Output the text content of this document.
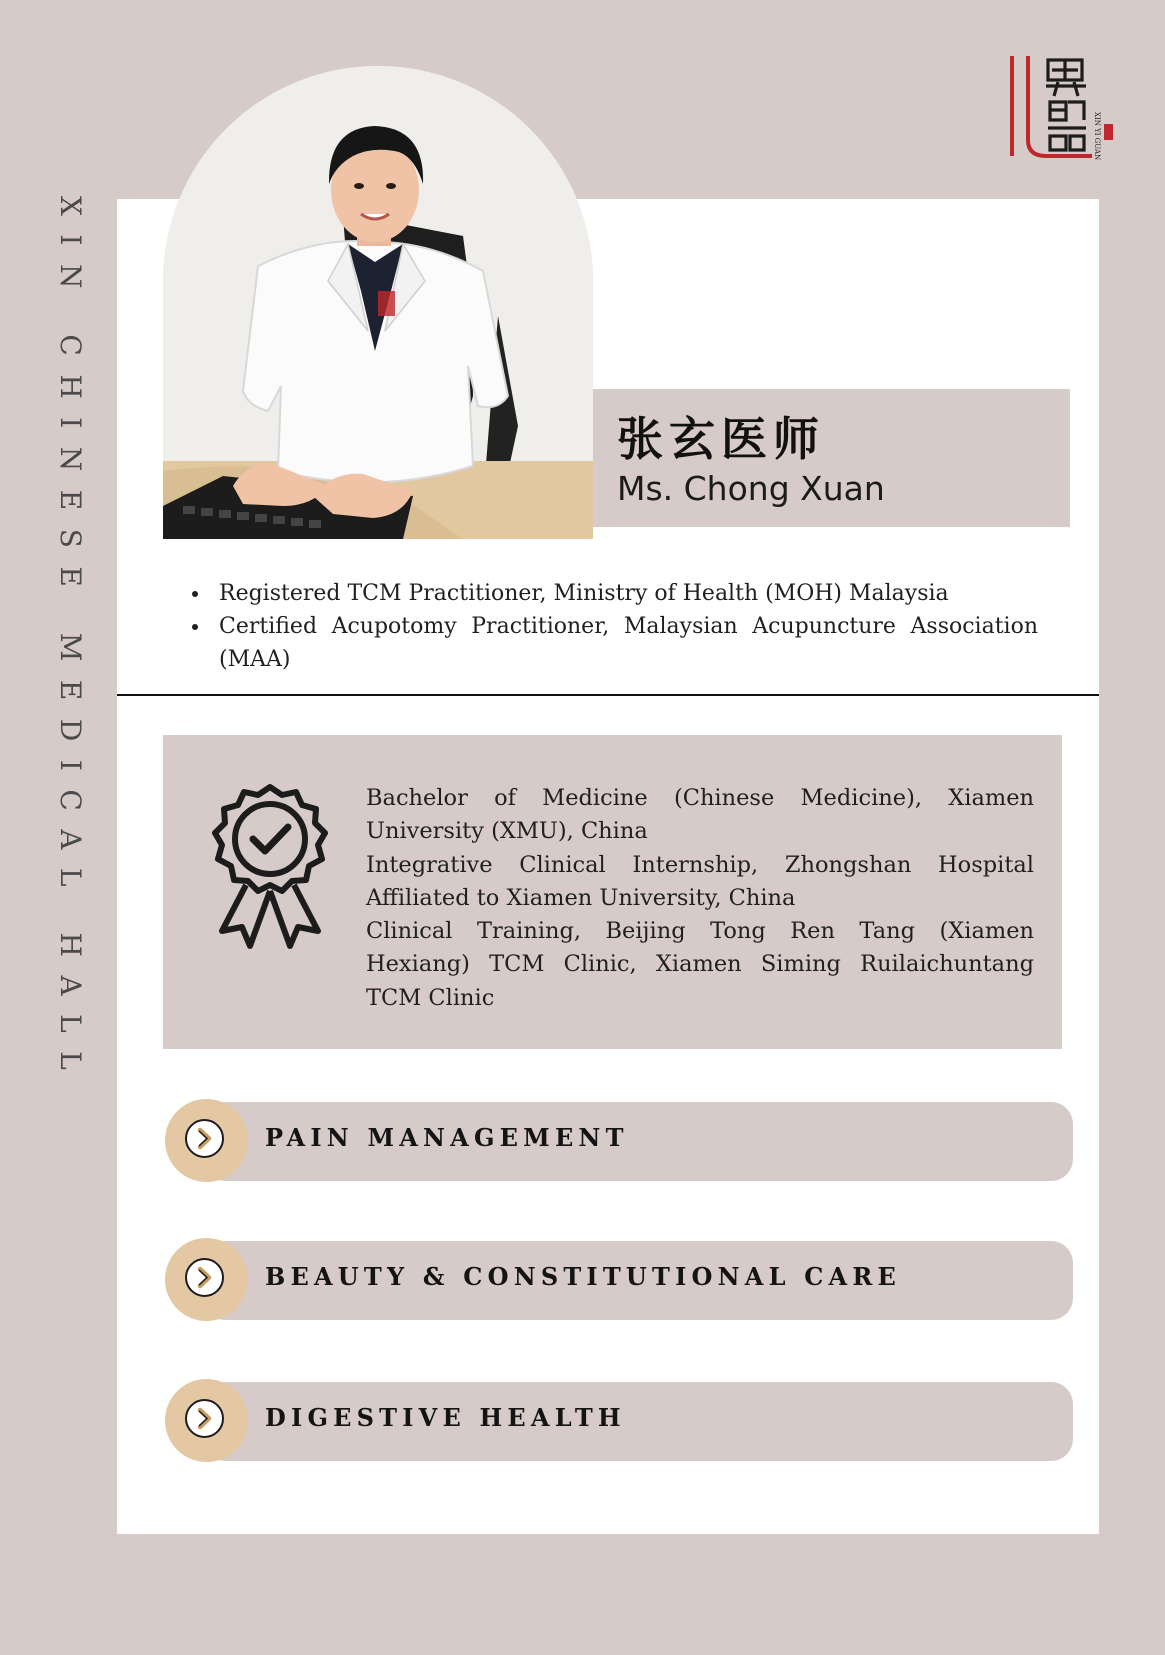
XIN CHINESE MEDICAL HALL
XIN YI GUAN
张玄医师
Ms. Chong Xuan
• Registered TCM Practitioner, Ministry of Health (MOH) Malaysia
• Certified Acupotomy Practitioner, Malaysian Acupuncture Association (MAA)

Bachelor of Medicine (Chinese Medicine), Xiamen University (XMU), China

Integrative Clinical Internship, Zhongshan Hospital Affiliated to Xiamen University, China

Clinical Training, Beijing Tong Ren Tang (Xiamen Hexiang) TCM Clinic, Xiamen Siming Ruilaichuntang TCM Clinic

PAIN MANAGEMENT
BEAUTY & CONSTITUTIONAL CARE
DIGESTIVE HEALTH
